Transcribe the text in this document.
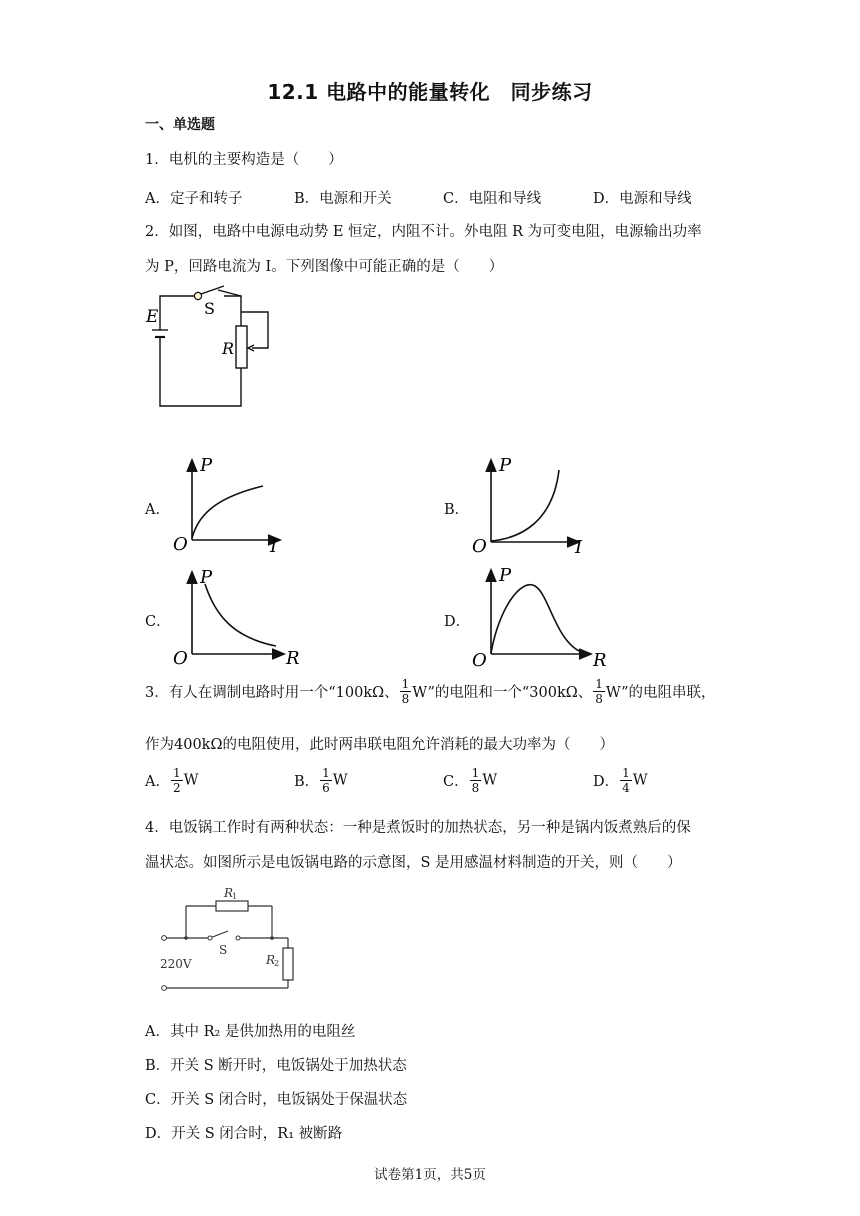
12.1 电路中的能量转化　同步练习
一、单选题
1．电机的主要构造是（　　）
A．定子和转子	B．电源和开关	C．电阻和导线	D．电源和导线
2．如图，电路中电源电动势 E 恒定，内阻不计。外电阻 R 为可变电阻，电源输出功率
为 P，回路电流为 I。下列图像中可能正确的是（　　）
E	S
R
A．
P
O	I
B．
P
O	I
C．
P
O	R
D．
P
O	R
3．有人在调制电路时用一个“100kΩ、 $\frac{1}{8} W$”的电阻和一个“300kΩ、 $\frac{1}{8} W$”的电阻串联，
作为400kΩ的电阻使用，此时两串联电阻允许消耗的最大功率为（　　）
A． $\frac{1}{2}$ W	B． $\frac{1}{6}$ W	C． $\frac{1}{8}$ W	D． $\frac{1}{4}$ W
4．电饭锅工作时有两种状态：一种是煮饭时的加热状态，另一种是锅内饭煮熟后的保
温状态。如图所示是电饭锅电路的示意图，S 是用感温材料制造的开关，则（　　）
R
1
S
220V	R
2
A．其中 R₂ 是供加热用的电阻丝
B．开关 S 断开时，电饭锅处于加热状态
C．开关 S 闭合时，电饭锅处于保温状态
D．开关 S 闭合时，R₁ 被断路
试卷第1页，共5页
